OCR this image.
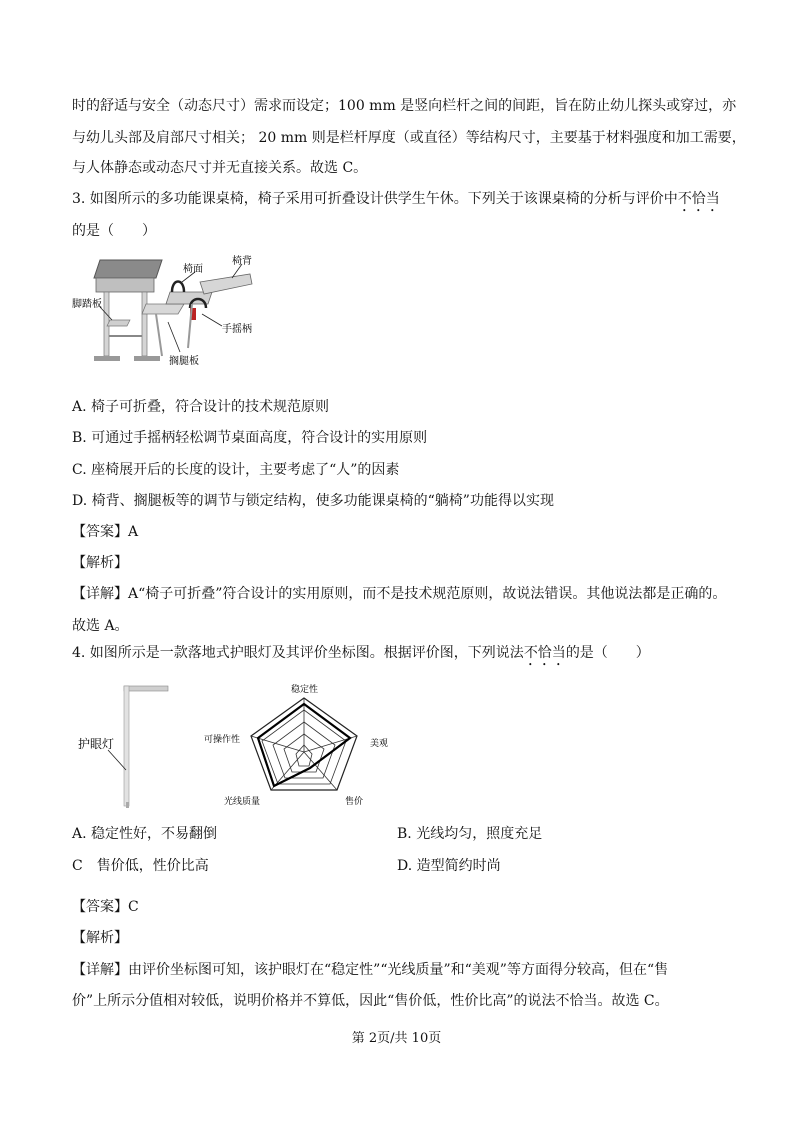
时的舒适与安全（动态尺寸）需求而设定；100 mm 是竖向栏杆之间的间距，旨在防止幼儿探头或穿过，亦
与幼儿头部及肩部尺寸相关； 20 mm 则是栏杆厚度（或直径）等结构尺寸，主要基于材料强度和加工需要，
与人体静态或动态尺寸并无直接关系。故选 C。
3. 如图所示的多功能课桌椅，椅子采用可折叠设计供学生午休。下列关于该课桌椅的分析与评价中不恰当
的是（　　）
椅面
椅背
脚踏板
手摇柄
搁腿板
A. 椅子可折叠，符合设计的技术规范原则
B. 可通过手摇柄轻松调节桌面高度，符合设计的实用原则
C. 座椅展开后的长度的设计，主要考虑了“人”的因素
D. 椅背、搁腿板等的调节与锁定结构，使多功能课桌椅的“躺椅”功能得以实现
【答案】A
【解析】
【详解】A“椅子可折叠”符合设计的实用原则，而不是技术规范原则，故说法错误。其他说法都是正确的。
故选 A。
4. 如图所示是一款落地式护眼灯及其评价坐标图。根据评价图，下列说法不恰当的是（　　）
护眼灯
稳定性
美观
售价
光线质量
可操作性
A. 稳定性好，不易翻倒	B. 光线均匀，照度充足
C　售价低，性价比高	D. 造型简约时尚
【答案】C
【解析】
【详解】由评价坐标图可知，该护眼灯在“稳定性”“光线质量”和“美观”等方面得分较高，但在“售
价”上所示分值相对较低，说明价格并不算低，因此“售价低，性价比高”的说法不恰当。故选 C。
第 2页/共 10页
